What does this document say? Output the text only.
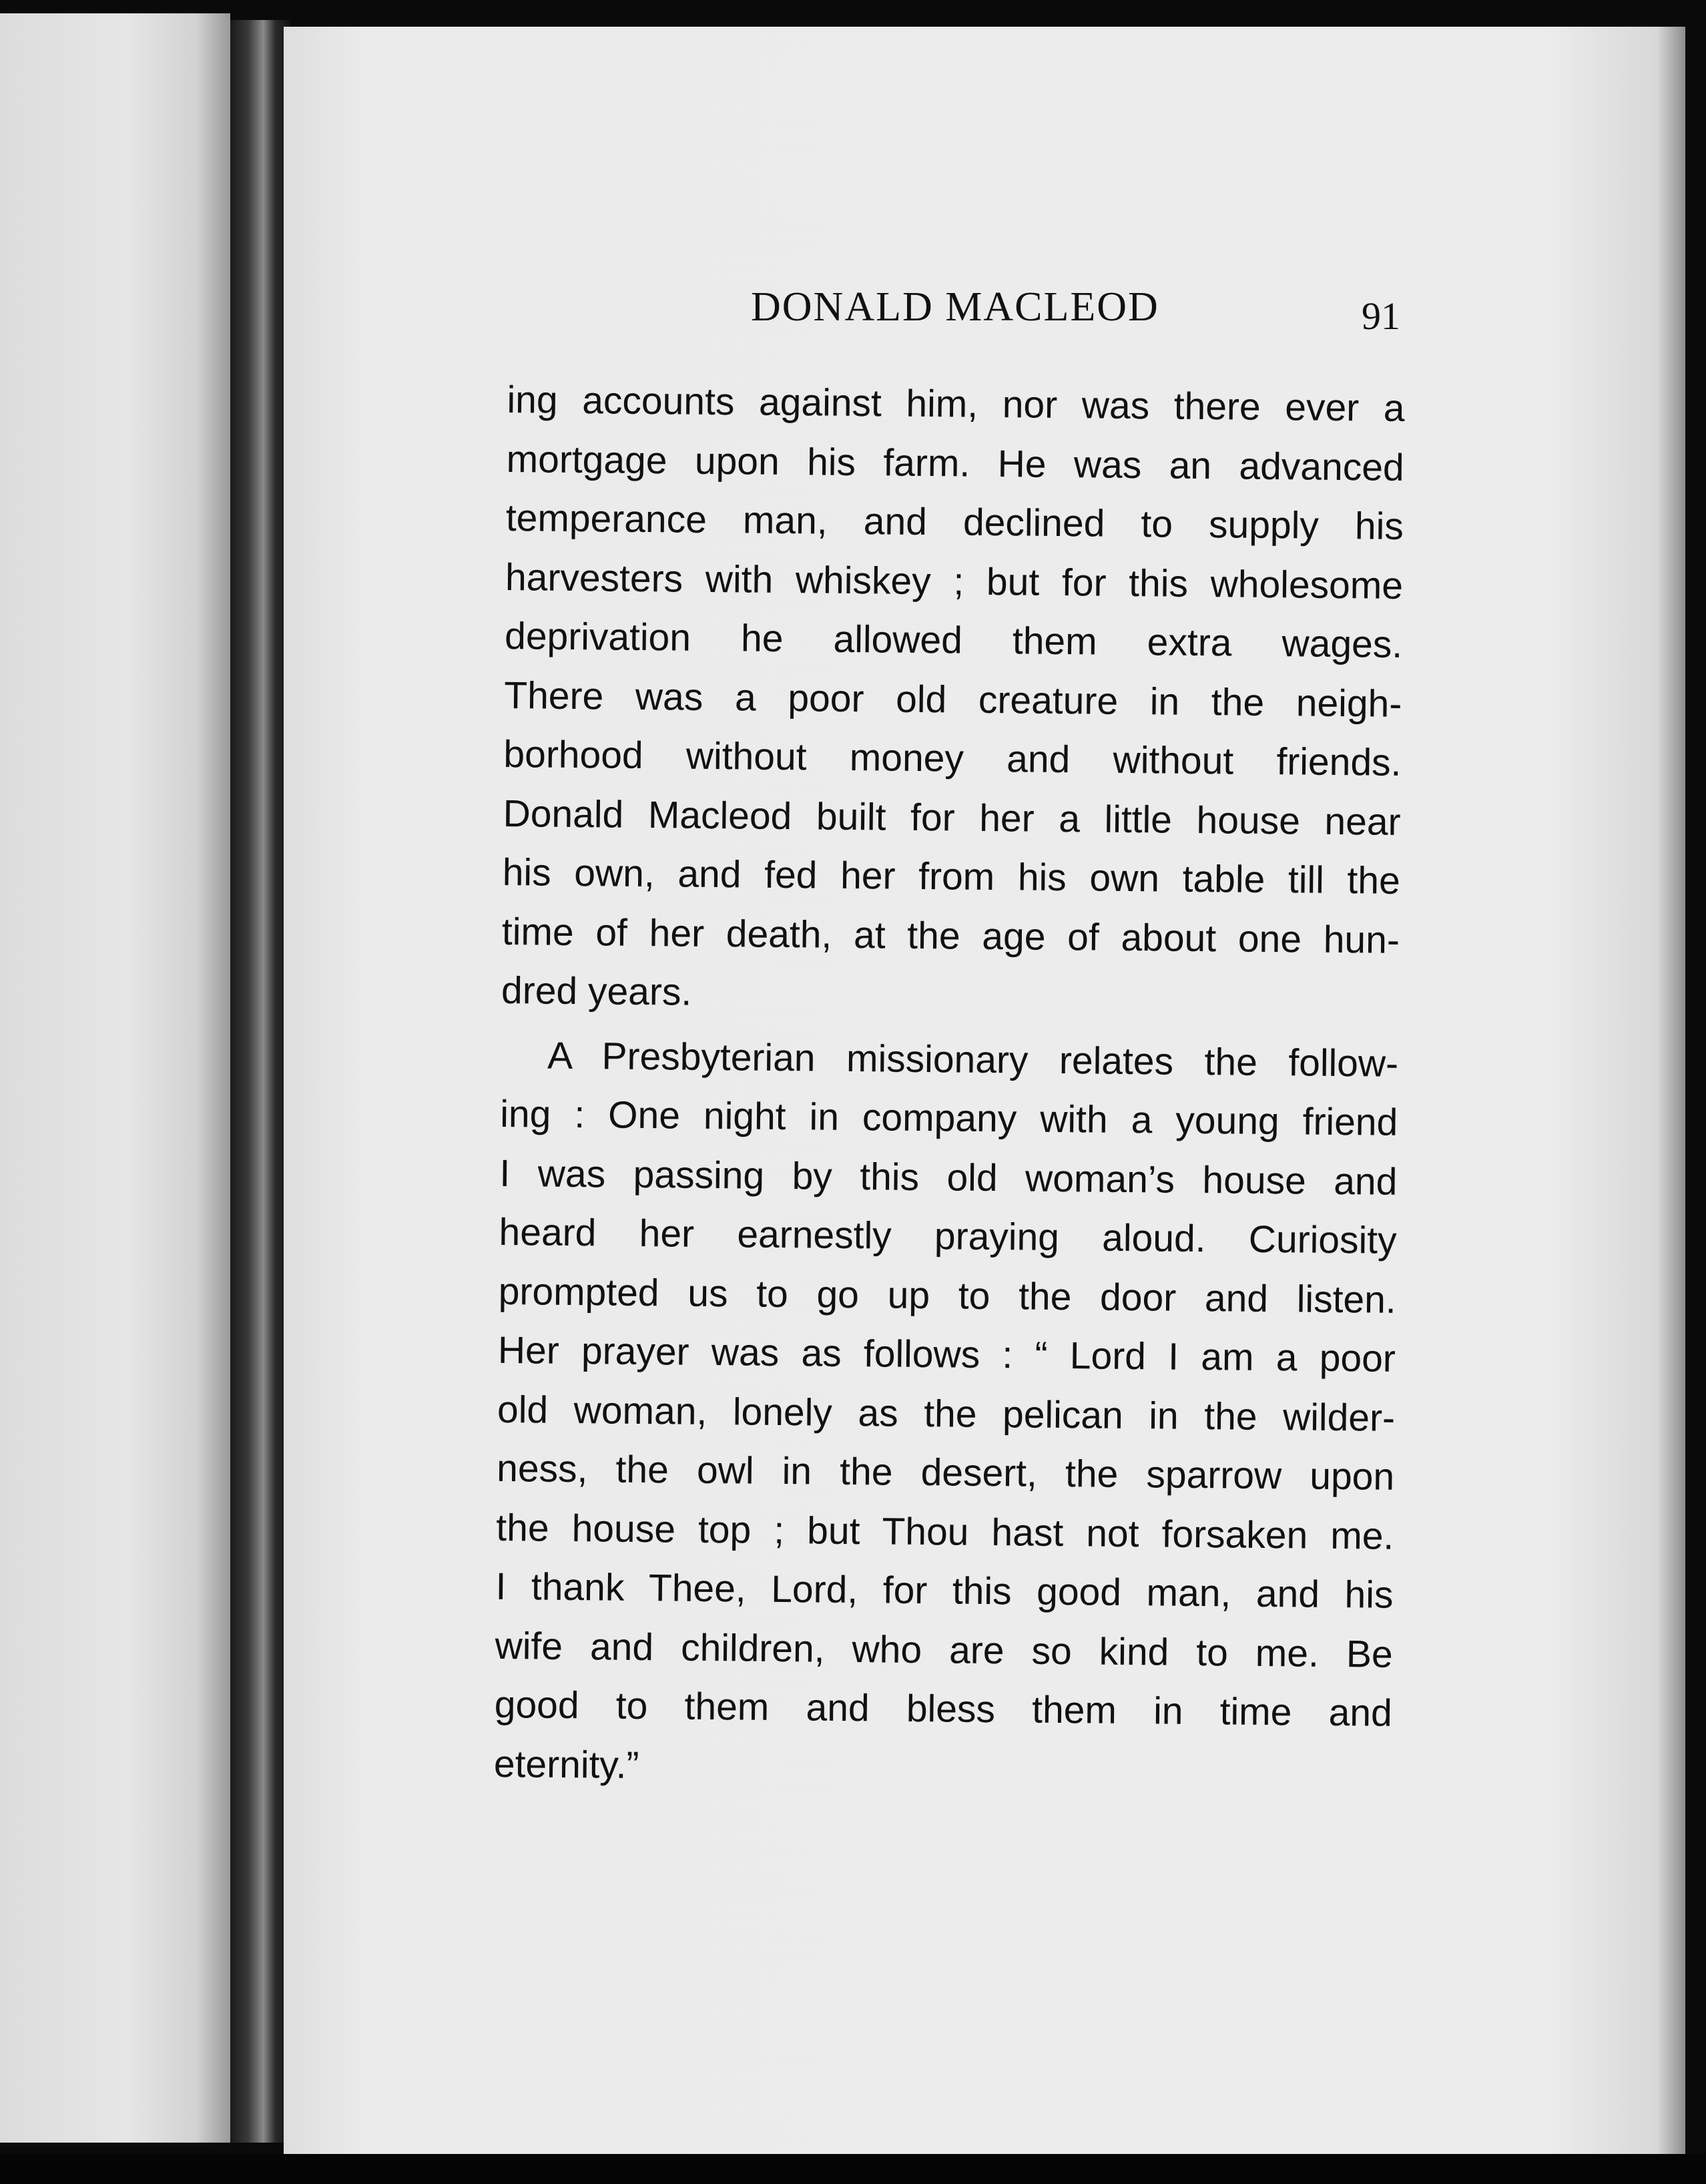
DONALD MACLEOD	91
ing accounts against him, nor was there ever a
mortgage upon his farm. He was an advanced
temperance man, and declined to supply his
harvesters with whiskey ; but for this wholesome
deprivation he allowed them extra wages.
There was a poor old creature in the neigh-
borhood without money and without friends.
Donald Macleod built for her a little house near
his own, and fed her from his own table till the
time of her death, at the age of about one hun-
dred years.
A Presbyterian missionary relates the follow-
ing : One night in company with a young friend
I was passing by this old woman’s house and
heard her earnestly praying aloud. Curiosity
prompted us to go up to the door and listen.
Her prayer was as follows : “ Lord I am a poor
old woman, lonely as the pelican in the wilder-
ness, the owl in the desert, the sparrow upon
the house top ; but Thou hast not forsaken me.
I thank Thee, Lord, for this good man, and his
wife and children, who are so kind to me. Be
good to them and bless them in time and
eternity.”
